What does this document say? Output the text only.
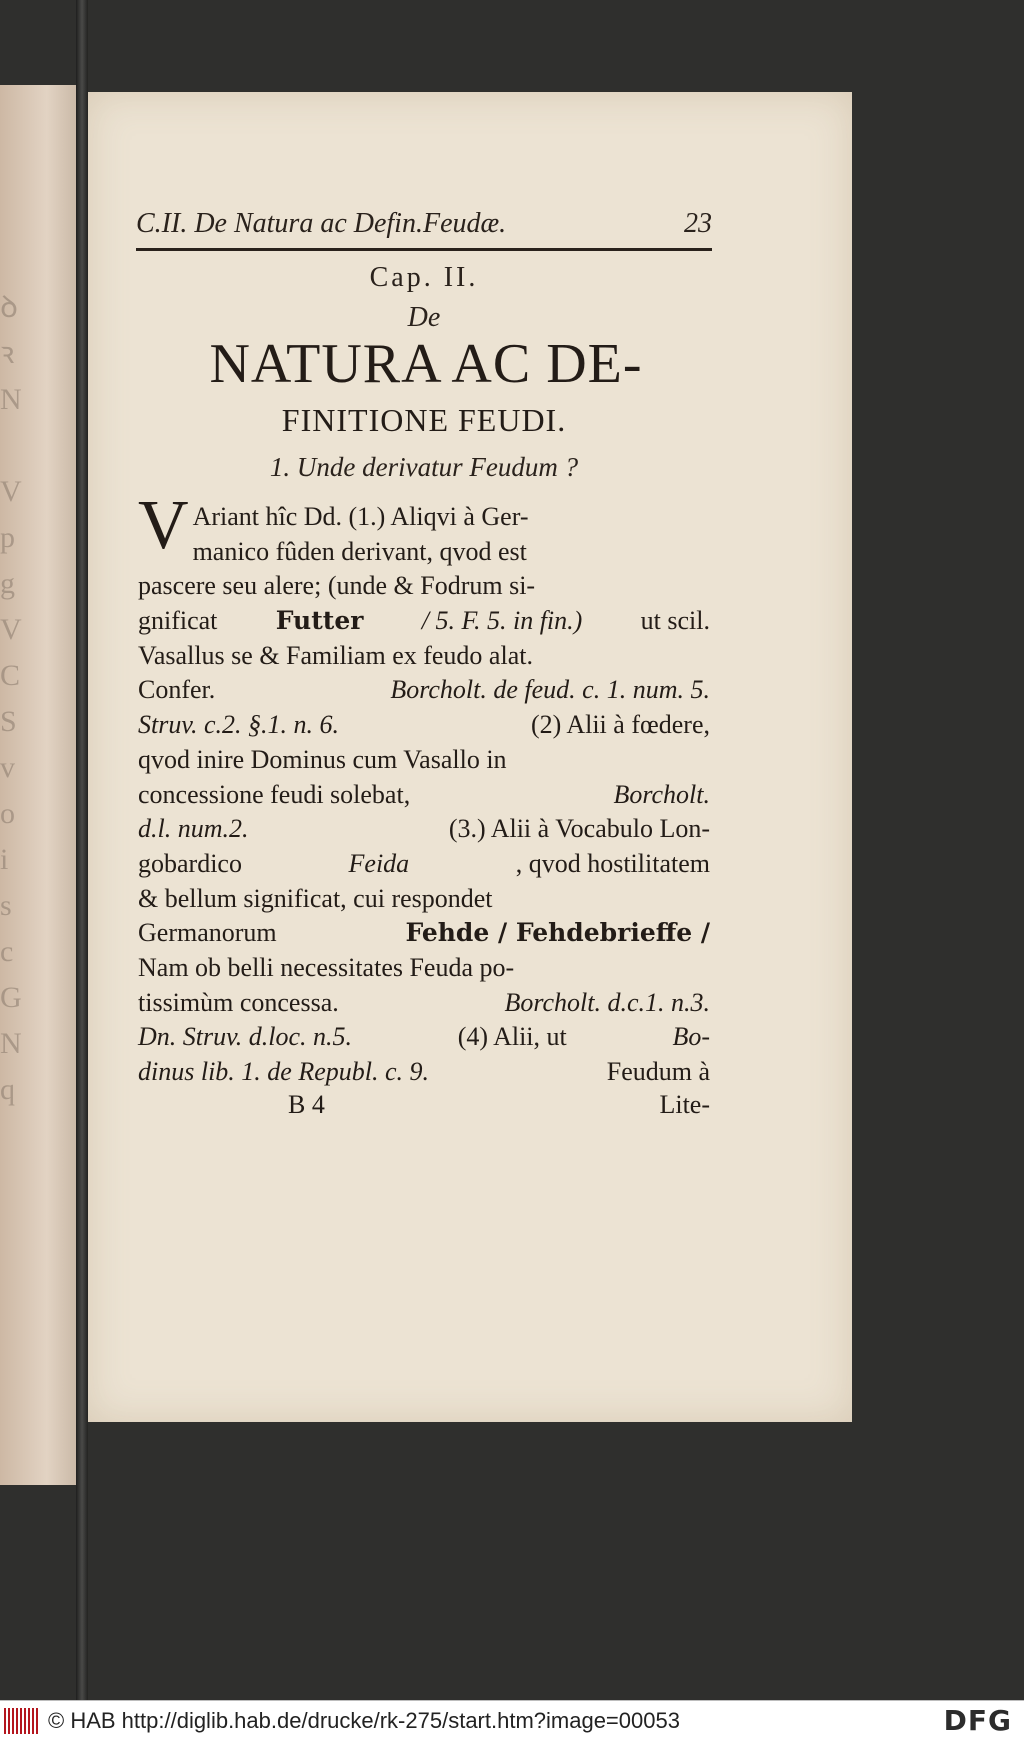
ꝺ
ꝛ
N

V
p
g
V
C
S
v
o
i
s
c
G
N
q
C.II. De Natura ac Defin.Feudæ.	23
Cap. II.
De
NATURA AC DE-
FINITIONE FEUDI.
1. Unde derivatur Feudum ?
V Ariant hîc Dd. (1.) Aliqvi à Ger-
manico fûden derivant, qvod est
pascere seu alere; (unde & Fodrum si-
gnificat Futter / 5. F. 5. in fin.) ut scil.
Vasallus se & Familiam ex feudo alat.
Confer.	Borcholt. de feud. c. 1. num. 5.
Struv. c.2. §.1. n. 6.	(2) Alii à fœdere,
qvod inire Dominus cum Vasallo in
concessione feudi solebat,	Borcholt.
d.l. num.2.	(3.) Alii à Vocabulo Lon-
gobardico	Feida	, qvod hostilitatem
& bellum significat, cui respondet
Germanorum	Fehde / Fehdebrieffe /
Nam ob belli necessitates Feuda po-
tissimùm concessa.	Borcholt. d.c.1. n.3.
Dn. Struv. d.loc. n.5.	(4) Alii, ut	Bo-
dinus lib. 1. de Republ. c. 9.	Feudum à
B 4	Lite-
© HAB http://diglib.hab.de/drucke/rk-275/start.htm?image=00053	DFG
